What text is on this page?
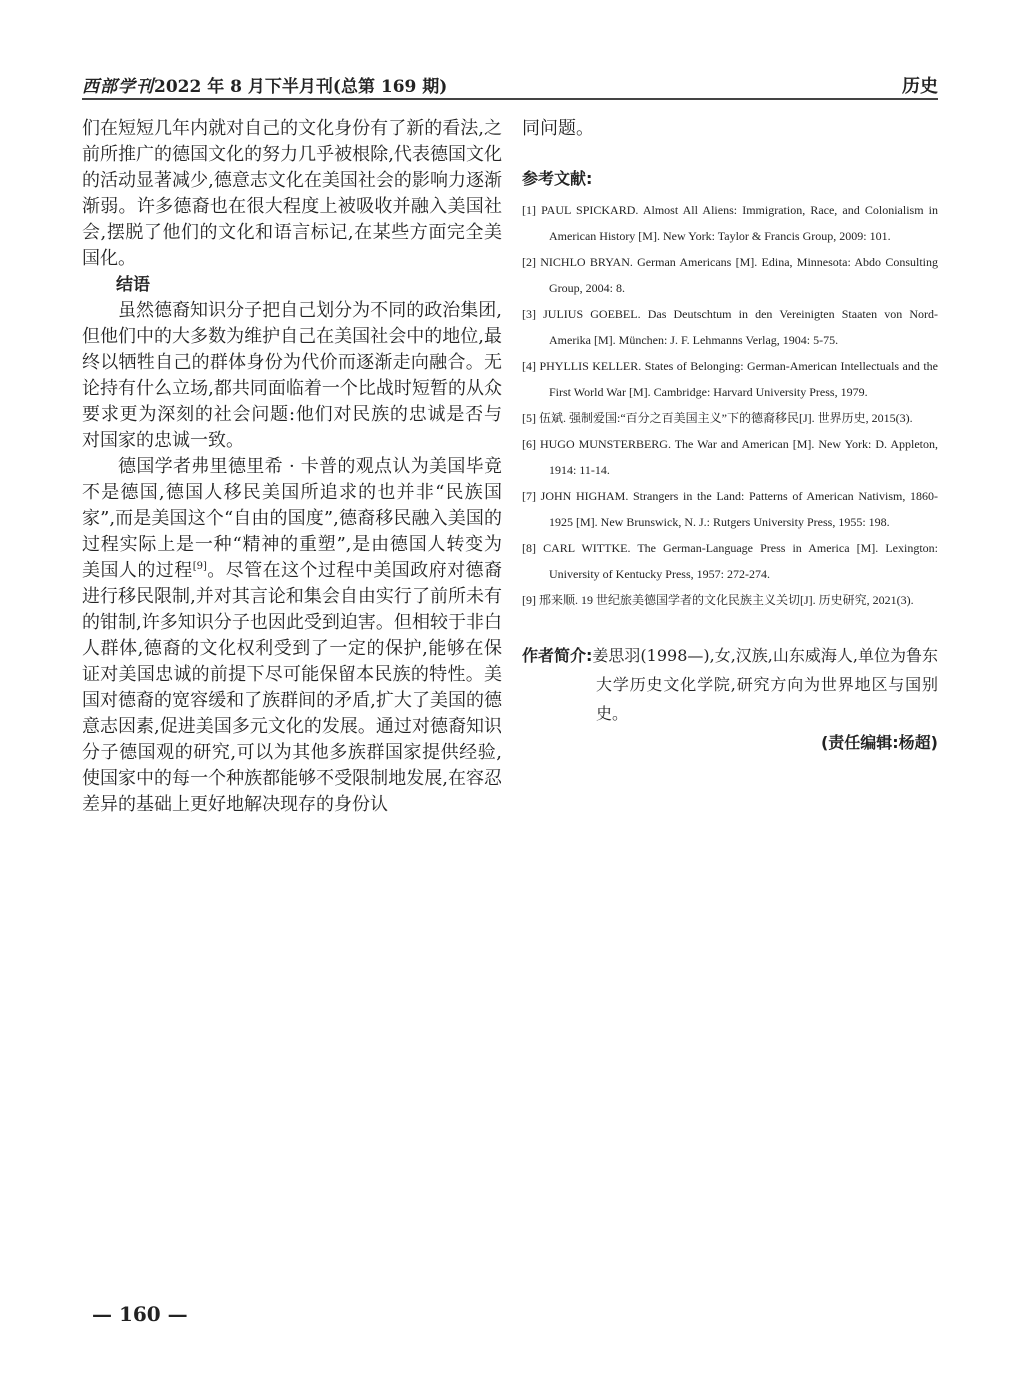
西部学刊2022 年 8 月下半月刊(总第 169 期)	历史

们在短短几年内就对自己的文化身份有了新的看法,之前所推广的德国文化的努力几乎被根除,代表德国文化的活动显著减少,德意志文化在美国社会的影响力逐渐渐弱。许多德裔也在很大程度上被吸收并融入美国社会,摆脱了他们的文化和语言标记,在某些方面完全美国化。

结语

虽然德裔知识分子把自己划分为不同的政治集团,但他们中的大多数为维护自己在美国社会中的地位,最终以牺牲自己的群体身份为代价而逐渐走向融合。无论持有什么立场,都共同面临着一个比战时短暂的从众要求更为深刻的社会问题:他们对民族的忠诚是否与对国家的忠诚一致。

德国学者弗里德里希 · 卡普的观点认为美国毕竟不是德国,德国人移民美国所追求的也并非“民族国家”,而是美国这个“自由的国度”,德裔移民融入美国的过程实际上是一种“精神的重塑”,是由德国人转变为美国人的过程[9]。尽管在这个过程中美国政府对德裔进行移民限制,并对其言论和集会自由实行了前所未有的钳制,许多知识分子也因此受到迫害。但相较于非白人群体,德裔的文化权利受到了一定的保护,能够在保证对美国忠诚的前提下尽可能保留本民族的特性。美国对德裔的宽容缓和了族群间的矛盾,扩大了美国的德意志因素,促进美国多元文化的发展。通过对德裔知识分子德国观的研究,可以为其他多族群国家提供经验,使国家中的每一个种族都能够不受限制地发展,在容忍差异的基础上更好地解决现存的身份认

同问题。

参考文献:
[1] PAUL SPICKARD. Almost All Aliens: Immigration, Race, and Colonialism in American History [M]. New York: Taylor & Francis Group, 2009: 101.
[2] NICHLO BRYAN. German Americans [M]. Edina, Minnesota: Abdo Consulting Group, 2004: 8.
[3] JULIUS GOEBEL. Das Deutschtum in den Vereinigten Staaten von Nord-Amerika [M]. München: J. F. Lehmanns Verlag, 1904: 5-75.
[4] PHYLLIS KELLER. States of Belonging: German-American Intellectuals and the First World War [M]. Cambridge: Harvard University Press, 1979.
[5] 伍斌. 强制爱国:“百分之百美国主义”下的德裔移民[J]. 世界历史, 2015(3).
[6] HUGO MUNSTERBERG. The War and American [M]. New York: D. Appleton, 1914: 11-14.
[7] JOHN HIGHAM. Strangers in the Land: Patterns of American Nativism, 1860-1925 [M]. New Brunswick, N. J.: Rutgers University Press, 1955: 198.
[8] CARL WITTKE. The German-Language Press in America [M]. Lexington: University of Kentucky Press, 1957: 272-274.
[9] 邢来顺. 19 世纪旅美德国学者的文化民族主义关切[J]. 历史研究, 2021(3).
作者简介:姜思羽(1998—),女,汉族,山东威海人,单位为鲁东大学历史文化学院,研究方向为世界地区与国别史。
(责任编辑:杨超)
— 160 —
